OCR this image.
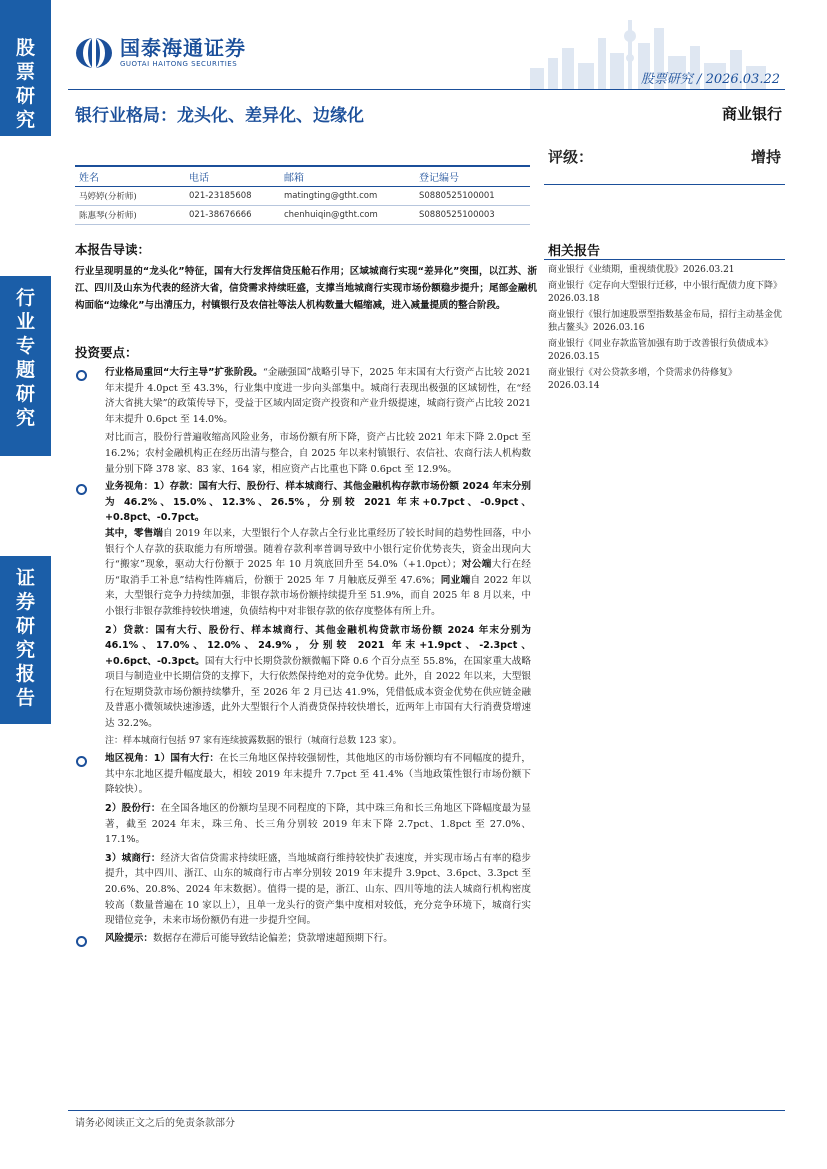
股票研究
行业专题研究
证券研究报告
国泰海通证券
GUOTAI HAITONG SECURITIES
股票研究 / 2026.03.22
银行业格局：龙头化、差异化、边缘化	商业银行
评级：	增持
姓名	电话	邮箱	登记编号
马婷婷(分析师)	021-23185608	matingting@gtht.com	S0880525100001
陈惠琴(分析师)	021-38676666	chenhuiqin@gtht.com	S0880525100003
相关报告
商业银行《业绩期，重视绩优股》2026.03.21
商业银行《定存向大型银行迁移，中小银行配债力度下降》2026.03.18
商业银行《银行加速股票型指数基金布局，招行主动基金优独占鳌头》2026.03.16
商业银行《同业存款监管加强有助于改善银行负债成本》2026.03.15
商业银行《对公贷款多增，个贷需求仍待修复》2026.03.14
本报告导读：
行业呈现明显的“龙头化”特征，国有大行发挥信贷压舱石作用；区域城商行实现“差异化”突围，以江苏、浙江、四川及山东为代表的经济大省，信贷需求持续旺盛，支撑当地城商行实现市场份额稳步提升；尾部金融机构面临“边缘化”与出清压力，村镇银行及农信社等法人机构数量大幅缩减，进入减量提质的整合阶段。
投资要点：

行业格局重回“大行主导”扩张阶段。“金融强国”战略引导下，2025 年末国有大行资产占比较 2021 年末提升 4.0pct 至 43.3%，行业集中度进一步向头部集中。城商行表现出极强的区域韧性，在“经济大省挑大梁”的政策传导下，受益于区域内固定资产投资和产业升级提速，城商行资产占比较 2021 年末提升 0.6pct 至 14.0%。

对比而言，股份行普遍收缩高风险业务，市场份额有所下降，资产占比较 2021 年末下降 2.0pct 至 16.2%；农村金融机构正在经历出清与整合，自 2025 年以来村镇银行、农信社、农商行法人机构数量分别下降 378 家、83 家、164 家，相应资产占比重也下降 0.6pct 至 12.9%。

业务视角：1）存款：国有大行、股份行、样本城商行、其他金融机构存款市场份额 2024 年末分别为 46.2%、15.0%、12.3%、26.5%，分别较 2021 年末+0.7pct、-0.9pct、+0.8pct、-0.7pct。

其中，零售端自 2019 年以来，大型银行个人存款占全行业比重经历了较长时间的趋势性回落，中小银行个人存款的获取能力有所增强。随着存款利率普调导致中小银行定价优势丧失，资金出现向大行“搬家”现象，驱动大行份额于 2025 年 10 月筑底回升至 54.0%（+1.0pct）；对公端大行在经历“取消手工补息”结构性阵痛后，份额于 2025 年 7 月触底反弹至 47.6%；同业端自 2022 年以来，大型银行竞争力持续加强，非银存款市场份额持续提升至 51.9%，而自 2025 年 8 月以来，中小银行非银存款维持较快增速，负债结构中对非银存款的依存度整体有所上升。

2）贷款：国有大行、股份行、样本城商行、其他金融机构贷款市场份额 2024 年末分别为 46.1%、17.0%、12.0%、24.9%，分别较 2021 年末+1.9pct、-2.3pct、+0.6pct、-0.3pct。国有大行中长期贷款份额微幅下降 0.6 个百分点至 55.8%，在国家重大战略项目与制造业中长期信贷的支撑下，大行依然保持绝对的竞争优势。此外，自 2022 年以来，大型银行在短期贷款市场份额持续攀升，至 2026 年 2 月已达 41.9%，凭借低成本资金优势在供应链金融及普惠小微领域快速渗透，此外大型银行个人消费贷保持较快增长，近两年上市国有大行消费贷增速达 32.2%。

注：样本城商行包括 97 家有连续披露数据的银行（城商行总数 123 家）。

地区视角：1）国有大行：在长三角地区保持较强韧性，其他地区的市场份额均有不同幅度的提升，其中东北地区提升幅度最大，相较 2019 年末提升 7.7pct 至 41.4%（当地政策性银行市场份额下降较快）。

2）股份行：在全国各地区的份额均呈现不同程度的下降，其中珠三角和长三角地区下降幅度最为显著，截至 2024 年末，珠三角、长三角分别较 2019 年末下降 2.7pct、1.8pct 至 27.0%、17.1%。

3）城商行：经济大省信贷需求持续旺盛，当地城商行维持较快扩表速度，并实现市场占有率的稳步提升，其中四川、浙江、山东的城商行市占率分别较 2019 年末提升 3.9pct、3.6pct、3.3pct 至 20.6%、20.8%、2024 年末数据）。值得一提的是，浙江、山东、四川等地的法人城商行机构密度较高（数量普遍在 10 家以上），且单一龙头行的资产集中度相对较低，充分竞争环境下，城商行实现错位竞争，未来市场份额仍有进一步提升空间。

风险提示：数据存在滞后可能导致结论偏差；贷款增速超预期下行。

请务必阅读正文之后的免责条款部分
